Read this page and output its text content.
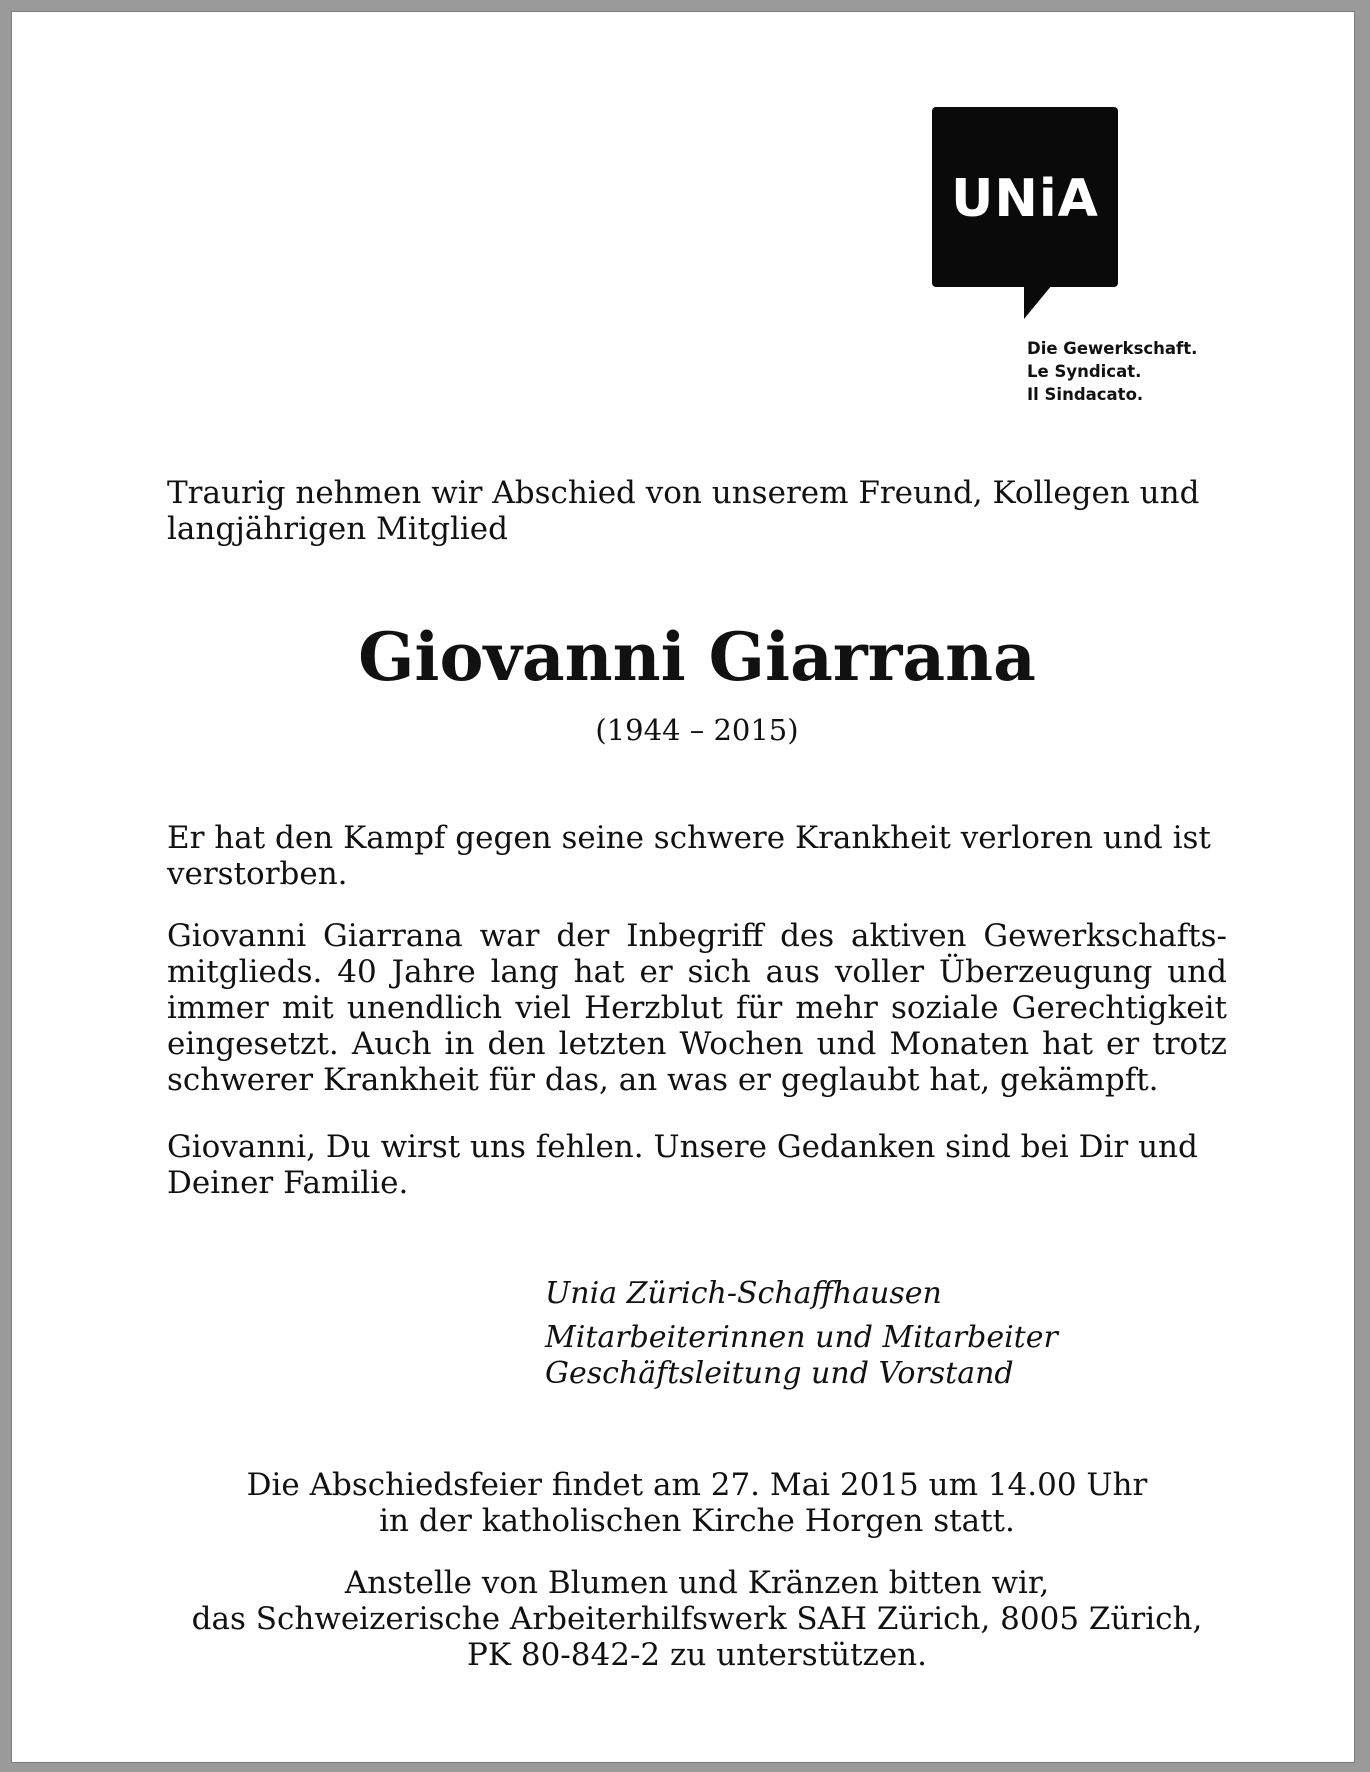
UNiA
Die Gewerkschaft.
Le Syndicat.
Il Sindacato.
Traurig nehmen wir Abschied von unserem Freund, Kollegen und langjährigen Mitglied
Giovanni Giarrana
(1944 – 2015)
Er hat den Kampf gegen seine schwere Krankheit verloren und ist verstorben.
Giovanni Giarrana war der Inbegriff des aktiven Gewerkschafts-mitglieds. 40 Jahre lang hat er sich aus voller Überzeugung und immer mit unendlich viel Herzblut für mehr soziale Gerechtigkeit eingesetzt. Auch in den letzten Wochen und Monaten hat er trotz schwerer Krankheit für das, an was er geglaubt hat, gekämpft.
Giovanni, Du wirst uns fehlen. Unsere Gedanken sind bei Dir und Deiner Familie.
Unia Zürich-Schaffhausen
Mitarbeiterinnen und Mitarbeiter
Geschäftsleitung und Vorstand
Die Abschiedsfeier findet am 27. Mai 2015 um 14.00 Uhr
in der katholischen Kirche Horgen statt.
Anstelle von Blumen und Kränzen bitten wir,
das Schweizerische Arbeiterhilfswerk SAH Zürich, 8005 Zürich,
PK 80-842-2 zu unterstützen.
